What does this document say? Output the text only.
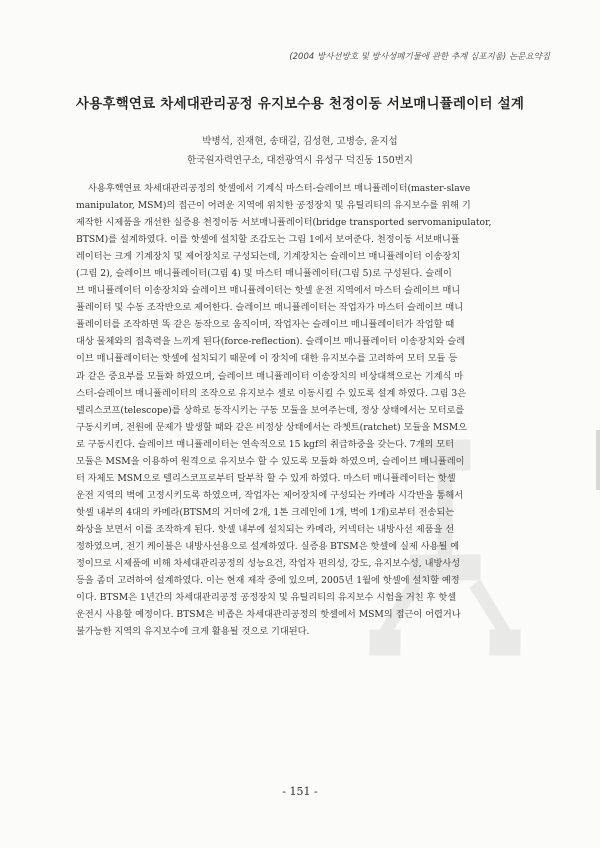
(2004 방사선방호 및 방사성폐기물에 관한 추계 심포지움) 논문요약집
사용후핵연료 차세대관리공정 유지보수용 천정이동 서보매니퓰레이터 설계
박병석, 진재현, 송태길, 김성현, 고병승, 윤지섭
한국원자력연구소, 대전광역시 유성구 덕진동 150번지
사용후핵연료 차세대관리공정의 핫셀에서 기계식 마스터-슬레이브 매니퓰레이터(master-slave
manipulator, MSM)의 접근이 어려운 지역에 위치한 공정장치 및 유틸리티의 유지보수를 위해 기
제작한 시제품을 개선한 실증용 천정이동 서보매니퓰레이터(bridge transported servomanipulator,
BTSM)를 설계하였다. 이를 핫셀에 설치할 조감도는 그림 1에서 보여준다. 천정이동 서보매니퓰
레이터는 크게 기계장치 및 제어장치로 구성되는데, 기계장치는 슬레이브 매니퓰레이터 이송장치
(그림 2), 슬레이브 매니퓰레이터(그림 4) 및 마스터 매니퓰레이터(그림 5)로 구성된다. 슬레이
브 매니퓰레이터 이송장치와 슬레이브 매니퓰레이터는 핫셀 운전 지역에서 마스터 슬레이브 매니
퓰레이터 및 수동 조작반으로 제어한다. 슬레이브 매니퓰레이터는 작업자가 마스터 슬레이브 매니
퓰레이터를 조작하면 똑 같은 동작으로 움직이며, 작업자는 슬레이브 매니퓰레이터가 작업할 때
대상 물체와의 접촉력을 느끼게 된다(force-reflection). 슬레이브 매니퓰레이터 이송장치와 슬레
이브 매니퓰레이터는 핫셀에 설치되기 때문에 이 장치에 대한 유지보수를 고려하여 모터 모듈 등
과 같은 중요부를 모듈화 하였으며, 슬레이브 매니퓰레이터 이송장치의 비상대책으로는 기계식 마
스터-슬레이브 매니퓰레이터의 조작으로 유지보수 셀로 이동시킬 수 있도록 설계 하였다. 그림 3은
텔리스코프(telescope)를 상하로 동작시키는 구동 모듈을 보여주는데, 정상 상태에서는 모터로를
구동시키며, 전원에 문제가 발생할 때와 같은 비정상 상태에서는 라쳇트(ratchet) 모듈을 MSM으
로 구동시킨다. 슬레이브 매니퓰레이터는 연속적으로 15 kgf의 취급하중을 갖는다. 7개의 모터
모듈은 MSM을 이용하여 원격으로 유지보수 할 수 있도록 모듈화 하였으며, 슬레이브 매니퓰레이
터 자체도 MSM으로 텔리스코프로부터 탈부착 할 수 있게 하였다. 마스터 매니퓰레이터는 핫셀
운전 지역의 벽에 고정시키도록 하였으며, 작업자는 제어장치에 구성되는 카메라 시각반을 통해서
핫셀 내부의 4대의 카메라(BTSM의 거더에 2개, 1톤 크레인에 1개, 벽에 1개)로부터 전송되는
화상을 보면서 이를 조작하게 된다. 핫셀 내부에 설치되는 카메라, 커넥터는 내방사선 제품을 선
정하였으며, 전기 케이블은 내방사선용으로 설계하였다. 실증용 BTSM은 핫셀에 실제 사용될 예
정이므로 시제품에 비해 차세대관리공정의 성능요건, 작업자 편의성, 강도, 유지보수성, 내방사성
등을 좀더 고려하여 설계하였다. 이는 현재 제작 중에 있으며, 2005년 1월에 핫셀에 설치할 예정
이다. BTSM은 1년간의 차세대관리공정 공정장치 및 유틸리티의 유지보수 시험을 거친 후 핫셀
운전시 사용할 예정이다. BTSM은 비좁은 차세대관리공정의 핫셀에서 MSM의 접근이 어렵거나
불가능한 지역의 유지보수에 크게 활용될 것으로 기대된다.
- 151 -
